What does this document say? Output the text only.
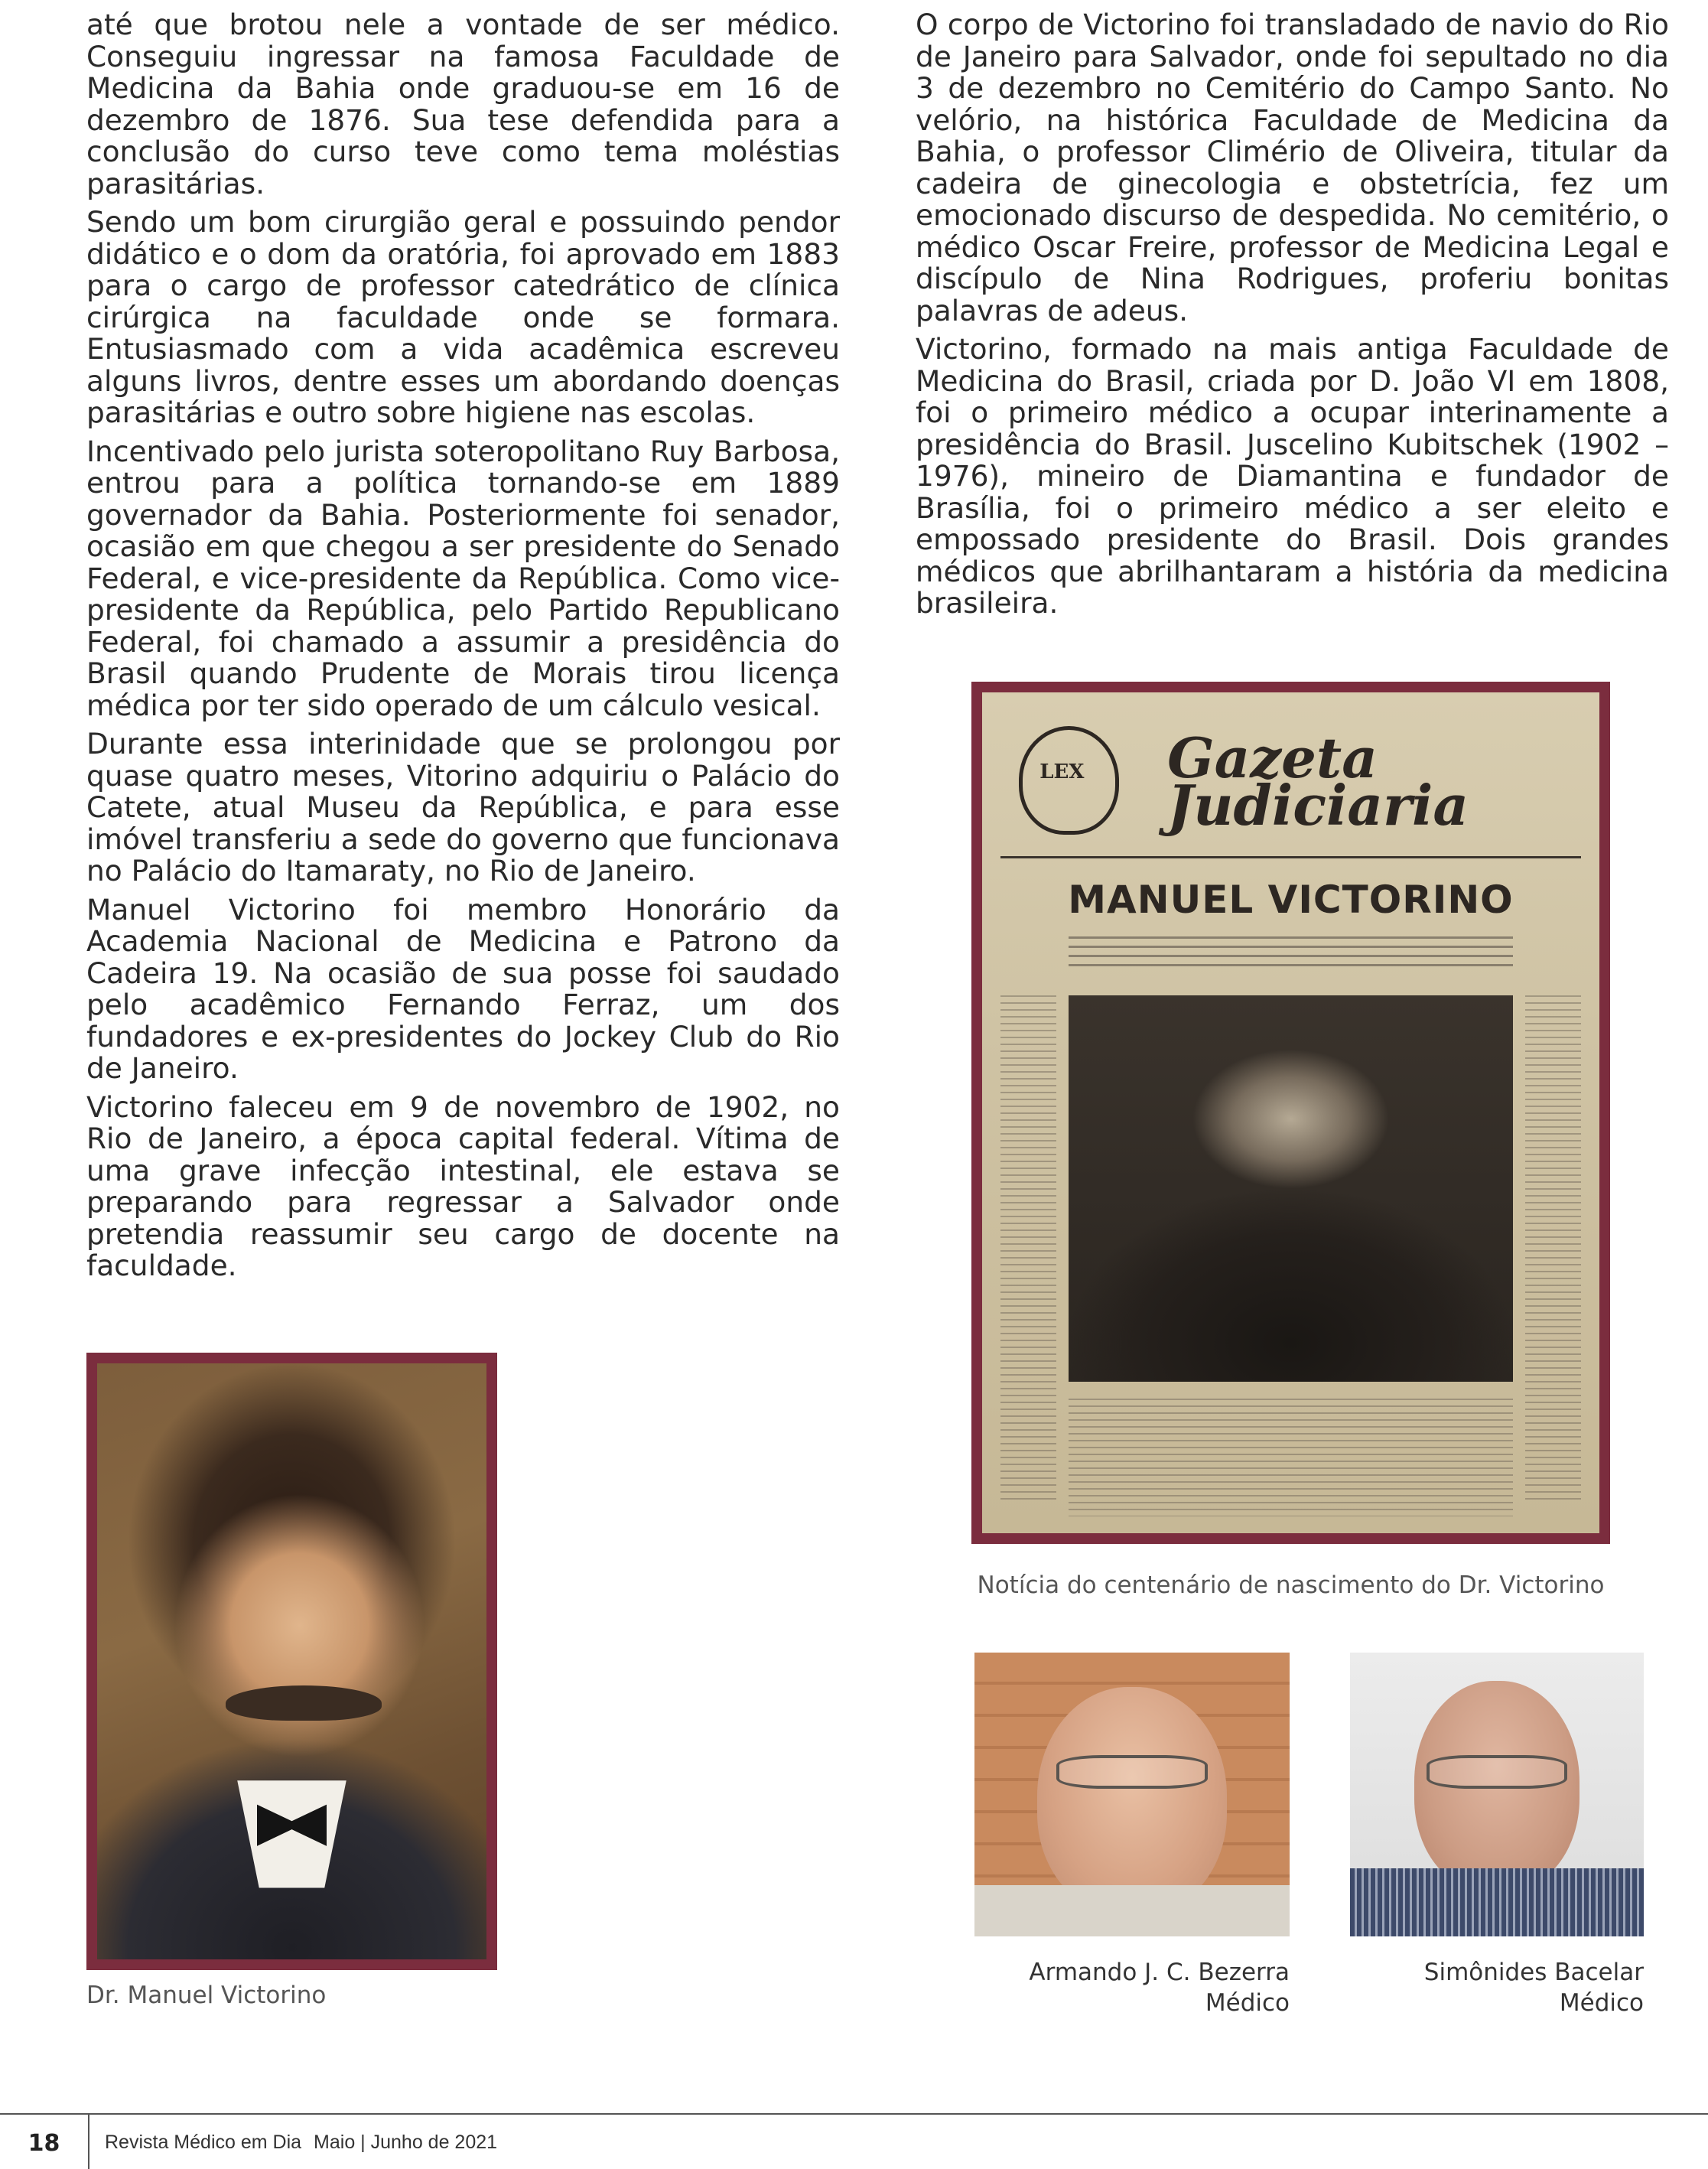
até que brotou nele a vontade de ser médico. Conseguiu ingressar na famosa Faculdade de Medicina da Bahia onde graduou-se em 16 de dezembro de 1876. Sua tese defendida para a conclusão do curso teve como tema moléstias parasitárias.

Sendo um bom cirurgião geral e possuindo pendor didático e o dom da oratória, foi aprovado em 1883 para o cargo de professor catedrático de clínica cirúrgica na faculdade onde se formara. Entusiasmado com a vida acadêmica escreveu alguns livros, dentre esses um abordando doenças parasitárias e outro sobre higiene nas escolas.

Incentivado pelo jurista soteropolitano Ruy Barbosa, entrou para a política tornando-se em 1889 governador da Bahia. Posteriormente foi senador, ocasião em que chegou a ser presidente do Senado Federal, e vice-presidente da República. Como vice-presidente da República, pelo Partido Republicano Federal, foi chamado a assumir a presidência do Brasil quando Prudente de Morais tirou licença médica por ter sido operado de um cálculo vesical.

Durante essa interinidade que se prolongou por quase quatro meses, Vitorino adquiriu o Palácio do Catete, atual Museu da República, e para esse imóvel transferiu a sede do governo que funcionava no Palácio do Itamaraty, no Rio de Janeiro.

Manuel Victorino foi membro Honorário da Academia Nacional de Medicina e Patrono da Cadeira 19. Na ocasião de sua posse foi saudado pelo acadêmico Fernando Ferraz, um dos fundadores e ex-presidentes do Jockey Club do Rio de Janeiro.

Victorino faleceu em 9 de novembro de 1902, no Rio de Janeiro, a época capital federal. Vítima de uma grave infecção intestinal, ele estava se preparando para regressar a Salvador onde pretendia reassumir seu cargo de docente na faculdade.

O corpo de Victorino foi transladado de navio do Rio de Janeiro para Salvador, onde foi sepultado no dia 3 de dezembro no Cemitério do Campo Santo. No velório, na histórica Faculdade de Medicina da Bahia, o professor Climério de Oliveira, titular da cadeira de ginecologia e obstetrícia, fez um emocionado discurso de despedida. No cemitério, o médico Oscar Freire, professor de Medicina Legal e discípulo de Nina Rodrigues, proferiu bonitas palavras de adeus.

Victorino, formado na mais antiga Faculdade de Medicina do Brasil, criada por D. João VI em 1808, foi o primeiro médico a ocupar interinamente a presidência do Brasil. Juscelino Kubitschek (1902 – 1976), mineiro de Diamantina e fundador de Brasília, foi o primeiro médico a ser eleito e empossado presidente do Brasil. Dois grandes médicos que abrilhantaram a história da medicina brasileira.

LEX Gazeta
Judiciaria
MANUEL VICTORINO
Notícia do centenário de nascimento do Dr. Victorino
Dr. Manuel Victorino
Armando J. C. Bezerra
Médico
Simônides Bacelar
Médico
18	Revista Médico em Dia Maio | Junho de 2021
